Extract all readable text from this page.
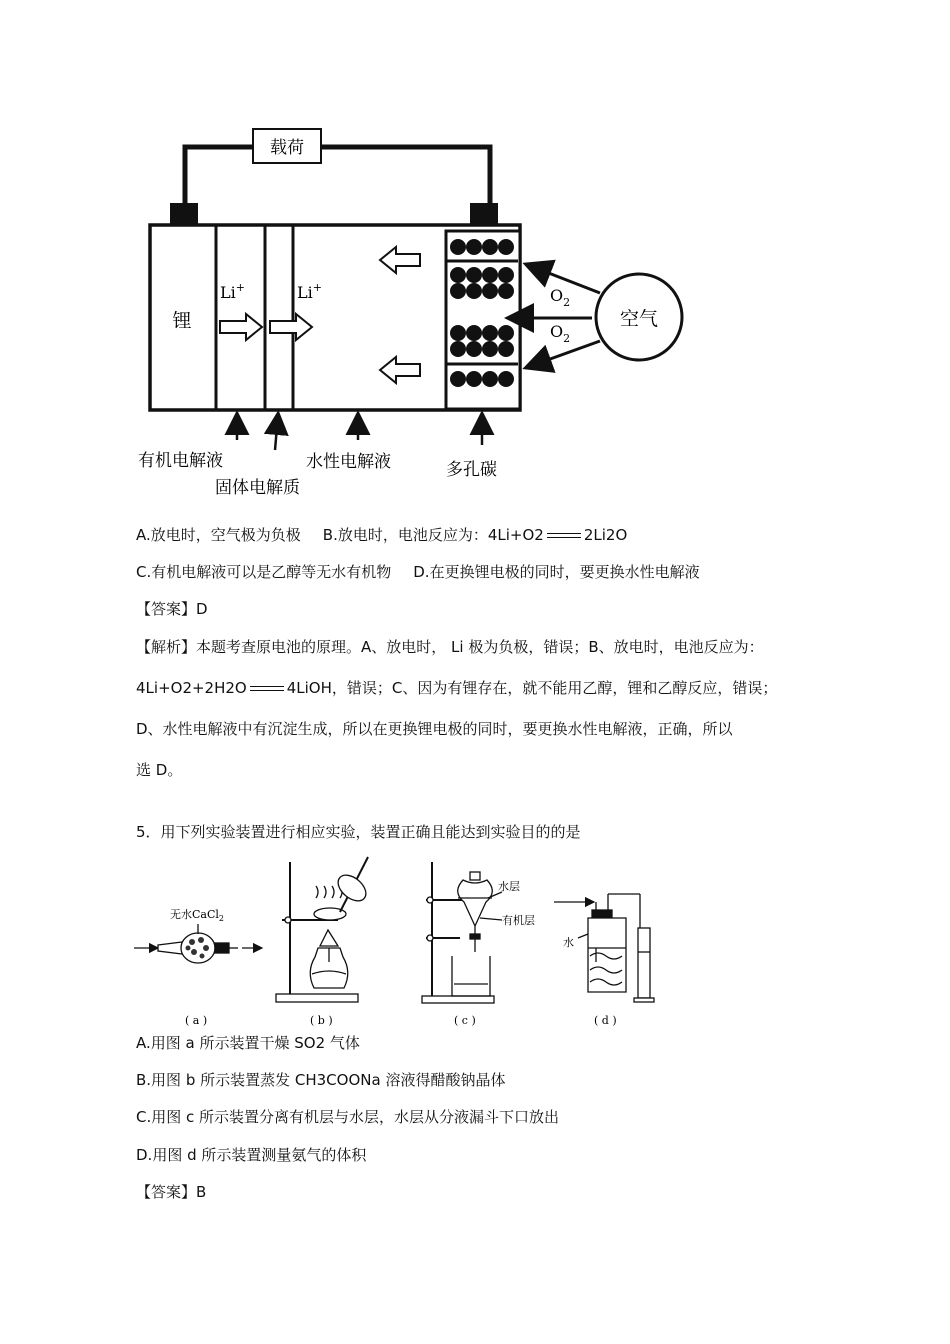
载荷
锂
Li+	Li+	$O_2$
$O_2$
空气
有机电解液
固体电解质
水性电解液	多孔碳
A.放电时，空气极为负极 B.放电时，电池反应为：4Li+O2	2Li2O
C.有机电解液可以是乙醇等无水有机物 D.在更换锂电极的同时，要更换水性电解液
【答案】D
【解析】本题考查原电池的原理。A、放电时， Li 极为负极，错误；B、放电时，电池反应为：
4Li+O2+2H2O	4LiOH，错误；C、因为有锂存在，就不能用乙醇，锂和乙醇反应，错误；
D、水性电解液中有沉淀生成，所以在更换锂电极的同时，要更换水性电解液，正确，所以
选 D。
5．用下列实验装置进行相应实验，装置正确且能达到实验目的的是
无水CaCl$_2$
( a )	( b )
水层
有机层
( c )
水
( d )
A.用图 a 所示装置干燥 SO2 气体
B.用图 b 所示装置蒸发 CH3COONa 溶液得醋酸钠晶体
C.用图 c 所示装置分离有机层与水层，水层从分液漏斗下口放出
D.用图 d 所示装置测量氨气的体积
【答案】B
